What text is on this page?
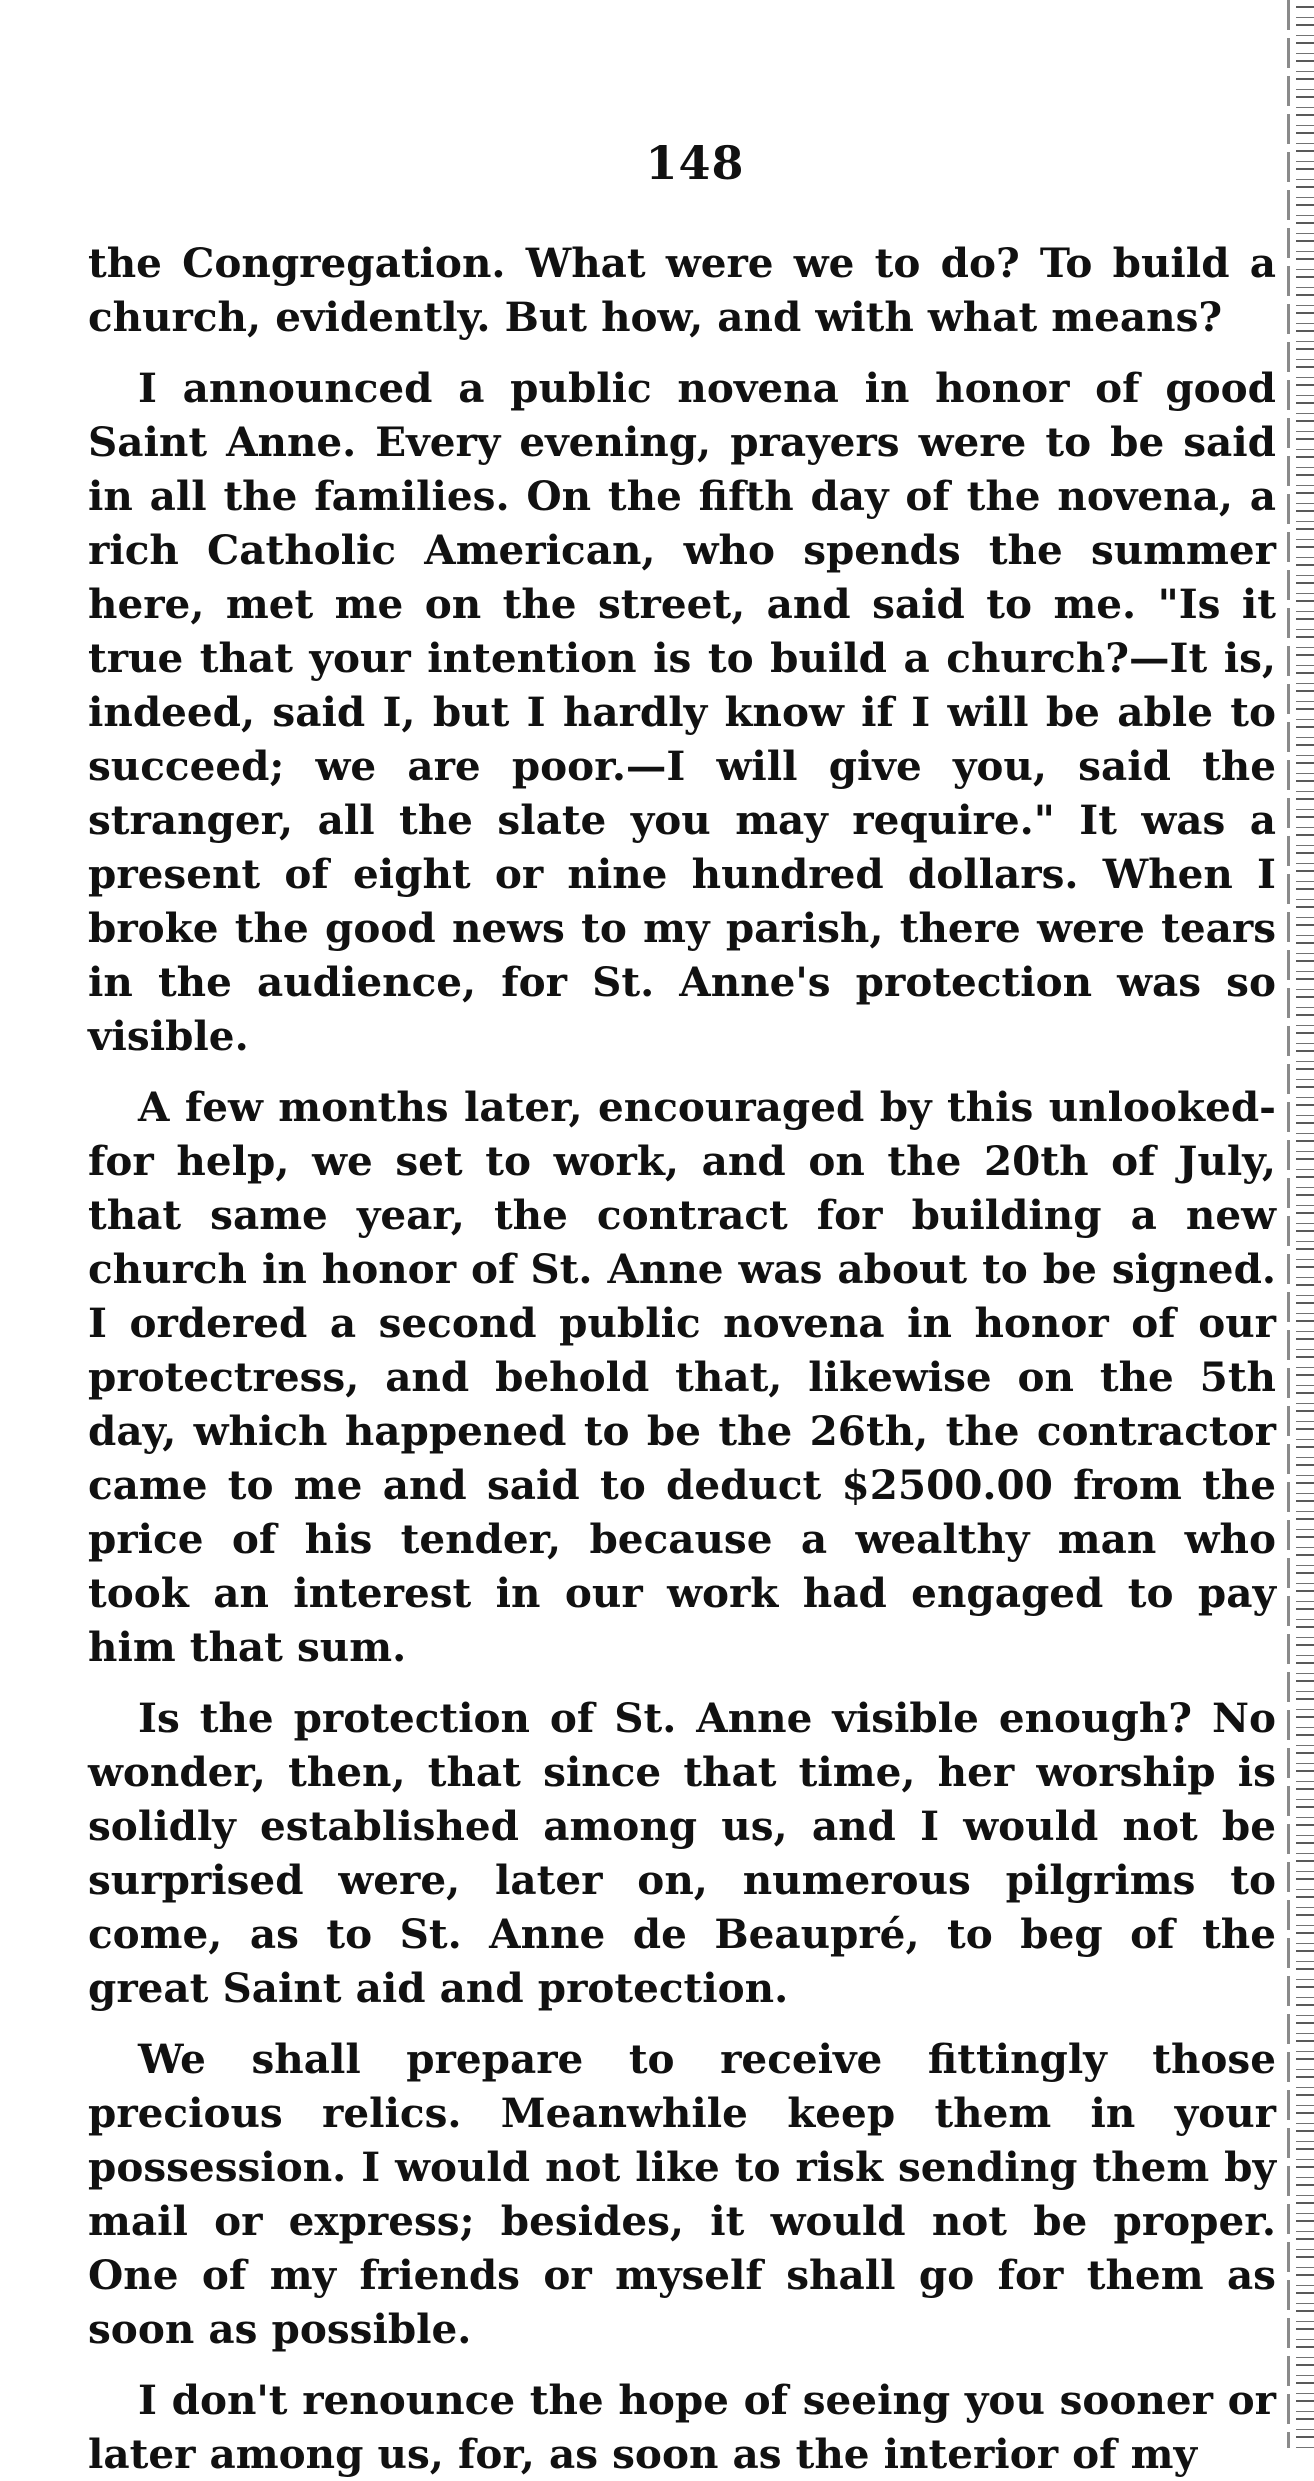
148

the Congregation. What were we to do? To build a church, evidently. But how, and with what means?

I announced a public novena in honor of good Saint Anne. Every evening, prayers were to be said in all the families. On the fifth day of the novena, a rich Catholic American, who spends the summer here, met me on the street, and said to me. "Is it true that your intention is to build a church?—It is, indeed, said I, but I hardly know if I will be able to succeed; we are poor.—I will give you, said the stranger, all the slate you may require." It was a present of eight or nine hundred dollars. When I broke the good news to my parish, there were tears in the audience, for St. Anne's protection was so visible.

A few months later, encouraged by this unlooked-for help, we set to work, and on the 20th of July, that same year, the contract for building a new church in honor of St. Anne was about to be signed. I ordered a second public novena in honor of our protectress, and behold that, likewise on the 5th day, which happened to be the 26th, the contractor came to me and said to deduct $2500.00 from the price of his tender, because a wealthy man who took an interest in our work had engaged to pay him that sum.

Is the protection of St. Anne visible enough? No wonder, then, that since that time, her worship is solidly established among us, and I would not be surprised were, later on, numerous pilgrims to come, as to St. Anne de Beaupré, to beg of the great Saint aid and protection.

We shall prepare to receive fittingly those precious relics. Meanwhile keep them in your possession. I would not like to risk sending them by mail or express; besides, it would not be proper. One of my friends or myself shall go for them as soon as possible.

I don't renounce the hope of seeing you sooner or later among us, for, as soon as the interior of my
